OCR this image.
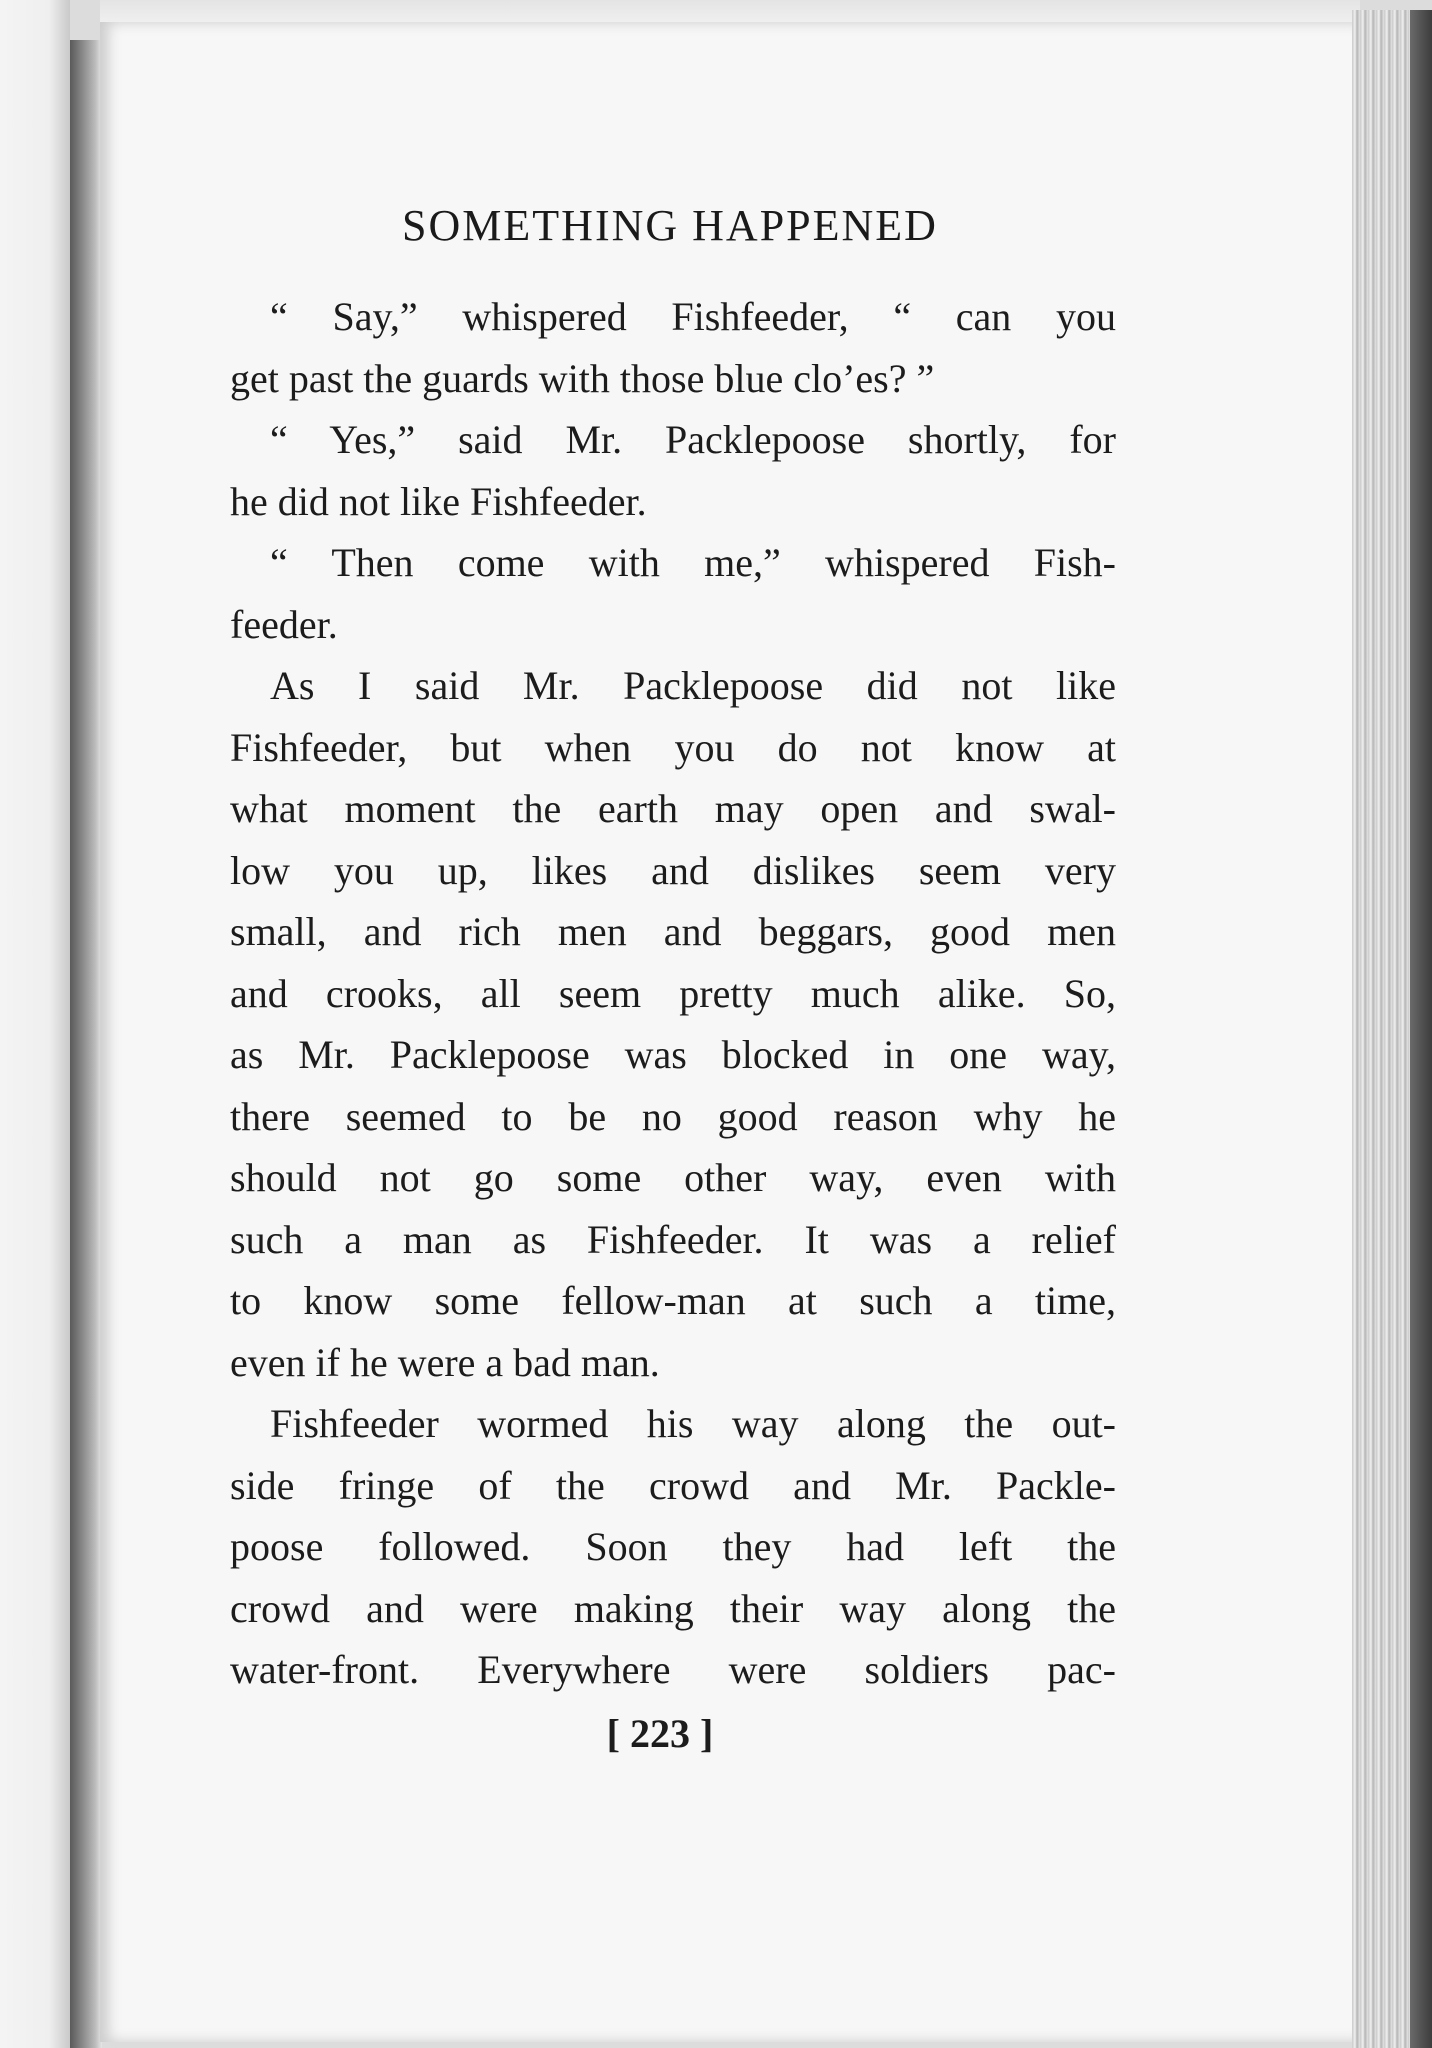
SOMETHING HAPPENED

“ Say,” whispered Fishfeeder, “ can you
get past the guards with those blue clo’es? ”

“ Yes,” said Mr. Packlepoose shortly, for
he did not like Fishfeeder.

“ Then come with me,” whispered Fish-
feeder.

As I said Mr. Packlepoose did not like
Fishfeeder, but when you do not know at
what moment the earth may open and swal-
low you up, likes and dislikes seem very
small, and rich men and beggars, good men
and crooks, all seem pretty much alike. So,
as Mr. Packlepoose was blocked in one way,
there seemed to be no good reason why he
should not go some other way, even with
such a man as Fishfeeder. It was a relief
to know some fellow-man at such a time,
even if he were a bad man.

Fishfeeder wormed his way along the out-
side fringe of the crowd and Mr. Packle-
poose followed. Soon they had left the
crowd and were making their way along the
water-front. Everywhere were soldiers pac-

[ 223 ]
